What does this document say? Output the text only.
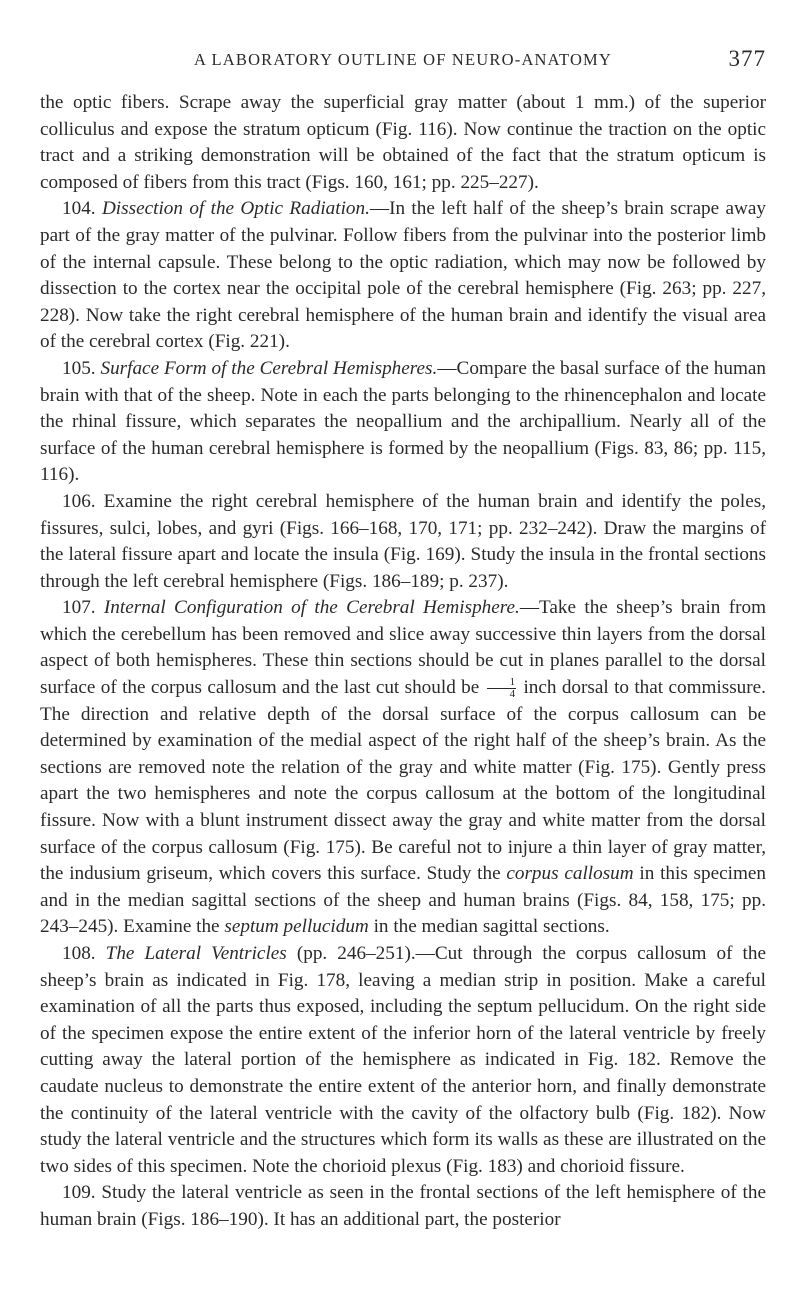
A LABORATORY OUTLINE OF NEURO-ANATOMY	377

the optic fibers. Scrape away the superficial gray matter (about 1 mm.) of the superior colliculus and expose the stratum opticum (Fig. 116). Now continue the traction on the optic tract and a striking demonstration will be obtained of the fact that the stratum opticum is composed of fibers from this tract (Figs. 160, 161; pp. 225–227).

104. Dissection of the Optic Radiation.—In the left half of the sheep’s brain scrape away part of the gray matter of the pulvinar. Follow fibers from the pulvinar into the posterior limb of the internal capsule. These belong to the optic radiation, which may now be followed by dissection to the cortex near the occipital pole of the cerebral hemisphere (Fig. 263; pp. 227, 228). Now take the right cerebral hemisphere of the human brain and identify the visual area of the cerebral cortex (Fig. 221).

105. Surface Form of the Cerebral Hemispheres.—Compare the basal surface of the human brain with that of the sheep. Note in each the parts belonging to the rhinencephalon and locate the rhinal fissure, which separates the neopallium and the archipallium. Nearly all of the surface of the human cerebral hemisphere is formed by the neopallium (Figs. 83, 86; pp. 115, 116).

106. Examine the right cerebral hemisphere of the human brain and identify the poles, fissures, sulci, lobes, and gyri (Figs. 166–168, 170, 171; pp. 232–242). Draw the margins of the lateral fissure apart and locate the insula (Fig. 169). Study the insula in the frontal sections through the left cerebral hemisphere (Figs. 186–189; p. 237).

107. Internal Configuration of the Cerebral Hemisphere.—Take the sheep’s brain from which the cerebellum has been removed and slice away successive thin layers from the dorsal aspect of both hemispheres. These thin sections should be cut in planes parallel to the dorsal surface of the corpus callosum and the last cut should be $\frac{1}{4}$ inch dorsal to that commissure. The direction and relative depth of the dorsal surface of the corpus callosum can be determined by examination of the medial aspect of the right half of the sheep’s brain. As the sections are removed note the relation of the gray and white matter (Fig. 175). Gently press apart the two hemispheres and note the corpus callosum at the bottom of the longitudinal fissure. Now with a blunt instrument dissect away the gray and white matter from the dorsal surface of the corpus callosum (Fig. 175). Be careful not to injure a thin layer of gray matter, the indusium griseum, which covers this surface. Study the corpus callosum in this specimen and in the median sagittal sections of the sheep and human brains (Figs. 84, 158, 175; pp. 243–245). Examine the septum pellucidum in the median sagittal sections.

108. The Lateral Ventricles (pp. 246–251).—Cut through the corpus callosum of the sheep’s brain as indicated in Fig. 178, leaving a median strip in position. Make a careful examination of all the parts thus exposed, including the septum pellucidum. On the right side of the specimen expose the entire extent of the inferior horn of the lateral ventricle by freely cutting away the lateral portion of the hemisphere as indicated in Fig. 182. Remove the caudate nucleus to demonstrate the entire extent of the anterior horn, and finally demonstrate the continuity of the lateral ventricle with the cavity of the olfactory bulb (Fig. 182). Now study the lateral ventricle and the structures which form its walls as these are illustrated on the two sides of this specimen. Note the chorioid plexus (Fig. 183) and chorioid fissure.

109. Study the lateral ventricle as seen in the frontal sections of the left hemisphere of the human brain (Figs. 186–190). It has an additional part, the posterior
